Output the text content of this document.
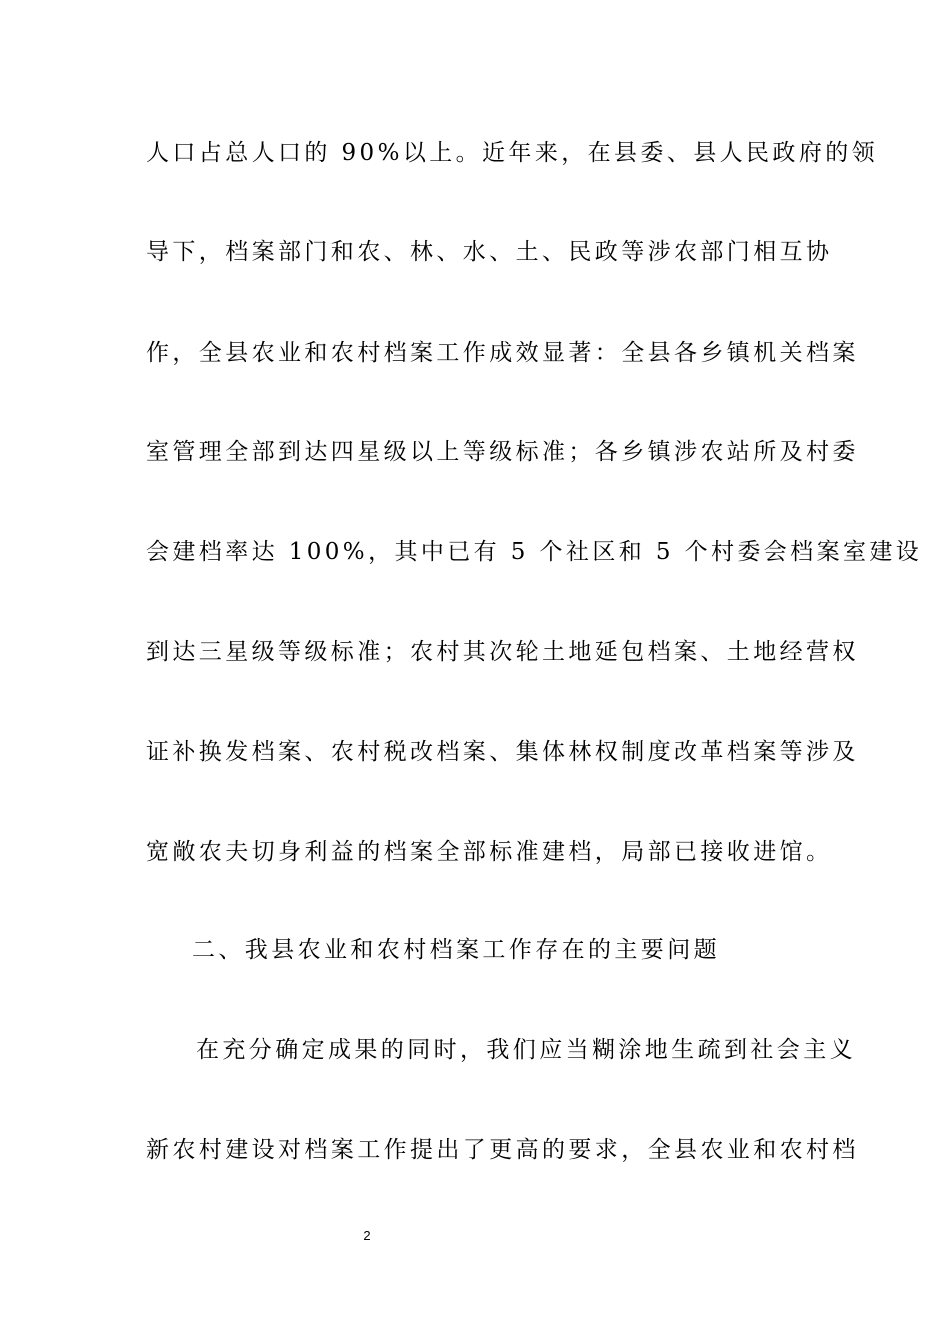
人口占总人口的 90%以上。近年来，在县委、县人民政府的领
导下，档案部门和农、林、水、土、民政等涉农部门相互协
作，全县农业和农村档案工作成效显著：全县各乡镇机关档案
室管理全部到达四星级以上等级标准；各乡镇涉农站所及村委
会建档率达 100%，其中已有 5 个社区和 5 个村委会档案室建设
到达三星级等级标准；农村其次轮土地延包档案、土地经营权
证补换发档案、农村税改档案、集体林权制度改革档案等涉及
宽敞农夫切身利益的档案全部标准建档，局部已接收进馆。
二、我县农业和农村档案工作存在的主要问题
在充分确定成果的同时，我们应当糊涂地生疏到社会主义
新农村建设对档案工作提出了更高的要求，全县农业和农村档
2
